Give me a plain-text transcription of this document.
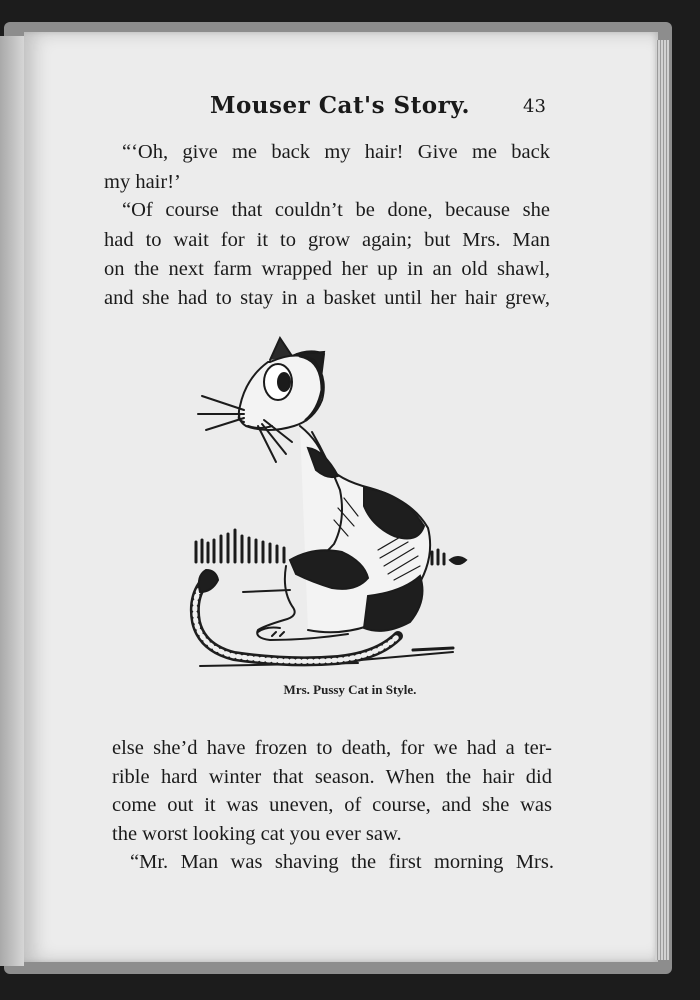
Mouser Cat's Story.	43
“‘Oh, give me back my hair! Give me back
my hair!’
“Of course that couldn’t be done, because she
had to wait for it to grow again; but Mrs. Man
on the next farm wrapped her up in an old shawl,
and she had to stay in a basket until her hair grew,
Mrs. Pussy Cat in Style.
else she’d have frozen to death, for we had a ter-
rible hard winter that season. When the hair did
come out it was uneven, of course, and she was
the worst looking cat you ever saw.
“Mr. Man was shaving the first morning Mrs.
